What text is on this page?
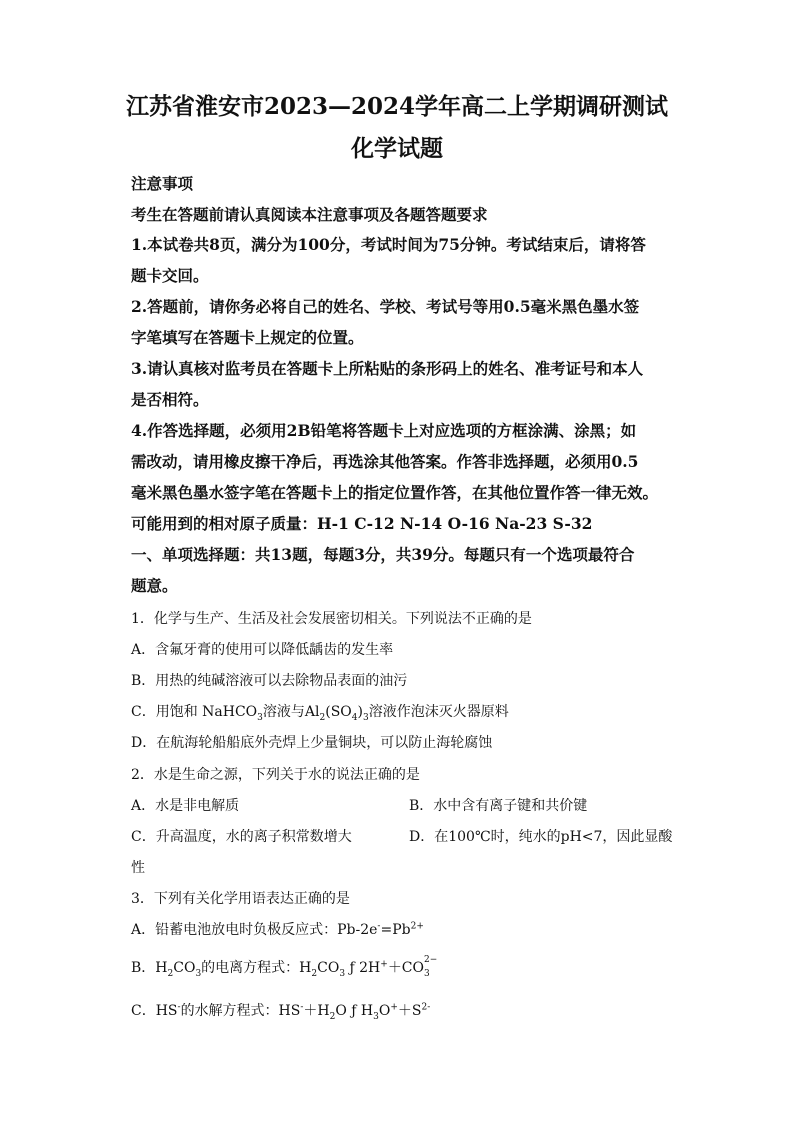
江苏省淮安市2023—2024学年高二上学期调研测试
化学试题
注意事项
考生在答题前请认真阅读本注意事项及各题答题要求
1.本试卷共8页，满分为100分，考试时间为75分钟。考试结束后，请将答
题卡交回。
2.答题前，请你务必将自己的姓名、学校、考试号等用0.5毫米黑色墨水签
字笔填写在答题卡上规定的位置。
3.请认真核对监考员在答题卡上所粘贴的条形码上的姓名、准考证号和本人
是否相符。
4.作答选择题，必须用2B铅笔将答题卡上对应选项的方框涂满、涂黑；如
需改动，请用橡皮擦干净后，再选涂其他答案。作答非选择题，必须用0.5
毫米黑色墨水签字笔在答题卡上的指定位置作答，在其他位置作答一律无效。
可能用到的相对原子质量：H-1 C-12 N-14 O-16 Na-23 S-32
一、单项选择题：共13题，每题3分，共39分。每题只有一个选项最符合
题意。
1．化学与生产、生活及社会发展密切相关。下列说法不正确的是
A．含氟牙膏的使用可以降低龋齿的发生率
B．用热的纯碱溶液可以去除物品表面的油污
C．用饱和 NaHCO$_3$溶液与$Al_2(SO_4)_3$溶液作泡沫灭火器原料
D．在航海轮船船底外壳焊上少量铜块，可以防止海轮腐蚀
2．水是生命之源，下列关于水的说法正确的是
A．水是非电解质	B．水中含有离子键和共价键
C．升高温度，水的离子积常数增大	D．在100℃时，纯水的pH<7，因此显酸
性
3．下列有关化学用语表达正确的是
A．铅蓄电池放电时负极反应式：$Pb-2e^-=Pb^{2+}$
B．$H_2CO_3$的电离方程式：$H_2CO_3$ ƒ 2H+＋CO 2−
3
C．HS-的水解方程式：$HS^-+H_2O$ ƒ $H_3O^++S^{2-}$
